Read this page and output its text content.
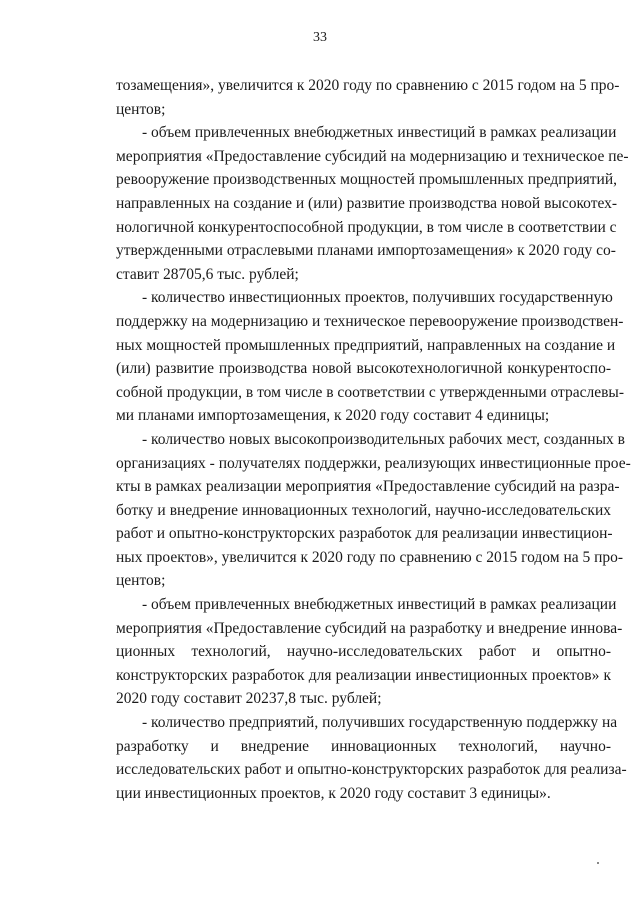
33
тозамещения», увеличится к 2020 году по сравнению с 2015 годом на 5 про-
центов;
- объем привлеченных внебюджетных инвестиций в рамках реализации
мероприятия «Предоставление субсидий на модернизацию и техническое пе-
ревооружение производственных мощностей промышленных предприятий,
направленных на создание и (или) развитие производства новой высокотех-
нологичной конкурентоспособной продукции, в том числе в соответствии с
утвержденными отраслевыми планами импортозамещения» к 2020 году со-
ставит 28705,6 тыс. рублей;
- количество инвестиционных проектов, получивших государственную
поддержку на модернизацию и техническое перевооружение производствен-
ных мощностей промышленных предприятий, направленных на создание и
(или) развитие производства новой высокотехнологичной конкурентоспо-
собной продукции, в том числе в соответствии с утвержденными отраслевы-
ми планами импортозамещения, к 2020 году составит 4 единицы;
- количество новых высокопроизводительных рабочих мест, созданных в
организациях - получателях поддержки, реализующих инвестиционные прое-
кты в рамках реализации мероприятия «Предоставление субсидий на разра-
ботку и внедрение инновационных технологий, научно-исследовательских
работ и опытно-конструкторских разработок для реализации инвестицион-
ных проектов», увеличится к 2020 году по сравнению с 2015 годом на 5 про-
центов;
- объем привлеченных внебюджетных инвестиций в рамках реализации
мероприятия «Предоставление субсидий на разработку и внедрение иннова-
ционных технологий, научно-исследовательских работ и опытно-
конструкторских разработок для реализации инвестиционных проектов» к
2020 году составит 20237,8 тыс. рублей;
- количество предприятий, получивших государственную поддержку на
разработку и внедрение инновационных технологий, научно-
исследовательских работ и опытно-конструкторских разработок для реализа-
ции инвестиционных проектов, к 2020 году составит 3 единицы».
